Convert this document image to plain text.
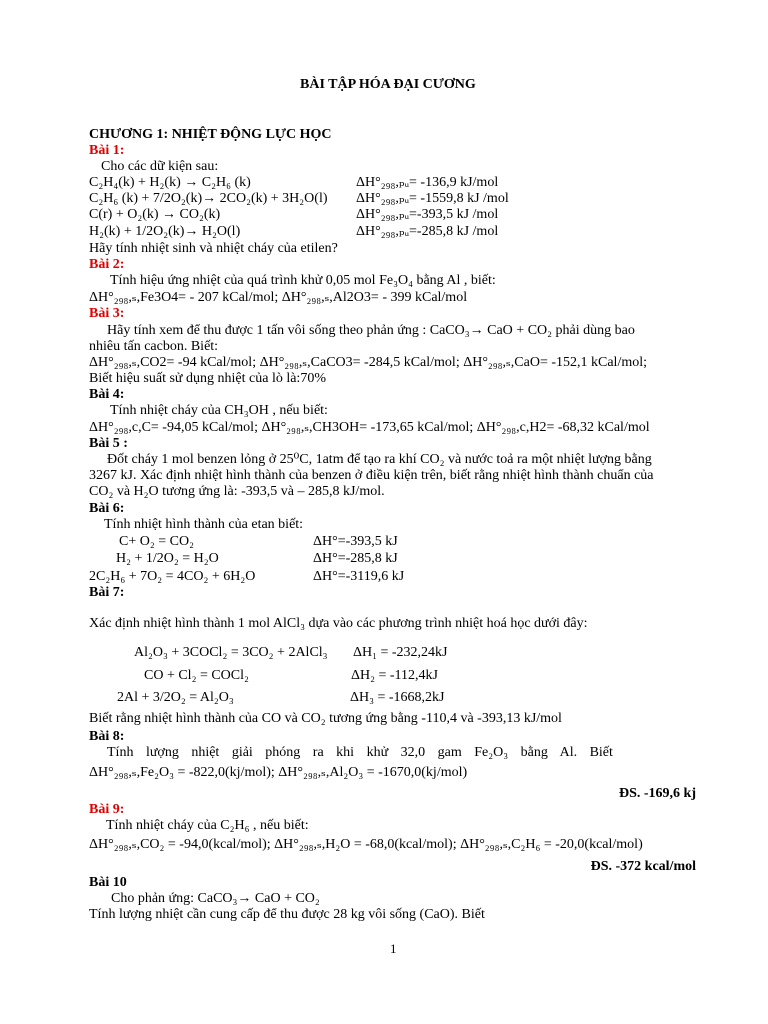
BÀI TẬP HÓA ĐẠI CƯƠNG
CHƯƠNG 1: NHIỆT ĐỘNG LỰC HỌC
Bài 1:
Cho các dữ kiện sau:
C₂H₄(k) + H₂(k) → C₂H₆ (k)	ΔH°₂₉₈,ₚᵤ= -136,9 kJ/mol
C₂H₆ (k) + 7/2O₂(k)→ 2CO₂(k) + 3H₂O(l) ΔH°₂₉₈,ₚᵤ= -1559,8 kJ /mol
C(r) + O₂(k) → CO₂(k)	ΔH°₂₉₈,ₚᵤ=-393,5 kJ /mol
H₂(k) + 1/2O₂(k)→ H₂O(l)	ΔH°₂₉₈,ₚᵤ=-285,8 kJ /mol
Hãy tính nhiệt sinh và nhiệt cháy của etilen?
Bài 2:
Tính hiệu ứng nhiệt của quá trình khử 0,05 mol Fe₃O₄ bằng Al , biết:
ΔH°₂₉₈,ₛ,Fe3O4= - 207 kCal/mol; ΔH°₂₉₈,ₛ,Al2O3= - 399 kCal/mol
Bài 3:
Hãy tính xem để thu được 1 tấn vôi sống theo phản ứng : CaCO₃→ CaO + CO₂ phải dùng bao
nhiêu tấn cacbon. Biết:
ΔH°₂₉₈,ₛ,CO2= -94 kCal/mol; ΔH°₂₉₈,ₛ,CaCO3= -284,5 kCal/mol; ΔH°₂₉₈,ₛ,CaO= -152,1 kCal/mol;
Biết hiệu suất sử dụng nhiệt của lò là:70%
Bài 4:
Tính nhiệt cháy của CH₃OH , nếu biết:
ΔH°₂₉₈,c,C= -94,05 kCal/mol; ΔH°₂₉₈,ₛ,CH3OH= -173,65 kCal/mol; ΔH°₂₉₈,c,H2= -68,32 kCal/mol
Bài 5 :
Đốt cháy 1 mol benzen lỏng ở 25⁰C, 1atm để tạo ra khí CO₂ và nước toả ra một nhiệt lượng bằng
3267 kJ. Xác định nhiệt hình thành của benzen ở điều kiện trên, biết rằng nhiệt hình thành chuẩn của
CO₂ và H₂O tương ứng là: -393,5 và – 285,8 kJ/mol.
Bài 6:
Tính nhiệt hình thành của etan biết:
C+ O₂ = CO₂	ΔH°=-393,5 kJ
H₂ + 1/2O₂ = H₂O	ΔH°=-285,8 kJ
2C₂H₆ + 7O₂ = 4CO₂ + 6H₂O	ΔH°=-3119,6 kJ
Bài 7:
Xác định nhiệt hình thành 1 mol AlCl₃ dựa vào các phương trình nhiệt hoá học dưới đây:
Al₂O₃ + 3COCl₂ = 3CO₂ + 2AlCl₃ ΔH₁ = -232,24kJ
CO + Cl₂ = COCl₂	ΔH₂ = -112,4kJ
2Al + 3/2O₂ = Al₂O₃	ΔH₃ = -1668,2kJ
Biết rằng nhiệt hình thành của CO và CO₂ tương ứng bằng -110,4 và -393,13 kJ/mol
Bài 8:
Tính lượng nhiệt giải phóng ra khi khử 32,0 gam Fe₂O₃ bằng Al. Biết
ΔH°₂₉₈,ₛ,Fe₂O₃ = -822,0(kj/mol); ΔH°₂₉₈,ₛ,Al₂O₃ = -1670,0(kj/mol)
ĐS. -169,6 kj
Bài 9:
Tính nhiệt cháy của C₂H₆ , nếu biết:
ΔH°₂₉₈,ₛ,CO₂ = -94,0(kcal/mol); ΔH°₂₉₈,ₛ,H₂O = -68,0(kcal/mol); ΔH°₂₉₈,ₛ,C₂H₆ = -20,0(kcal/mol)
ĐS. -372 kcal/mol
Bài 10
Cho phản ứng: CaCO₃→ CaO + CO₂
Tính lượng nhiệt cần cung cấp để thu được 28 kg vôi sống (CaO). Biết
1
